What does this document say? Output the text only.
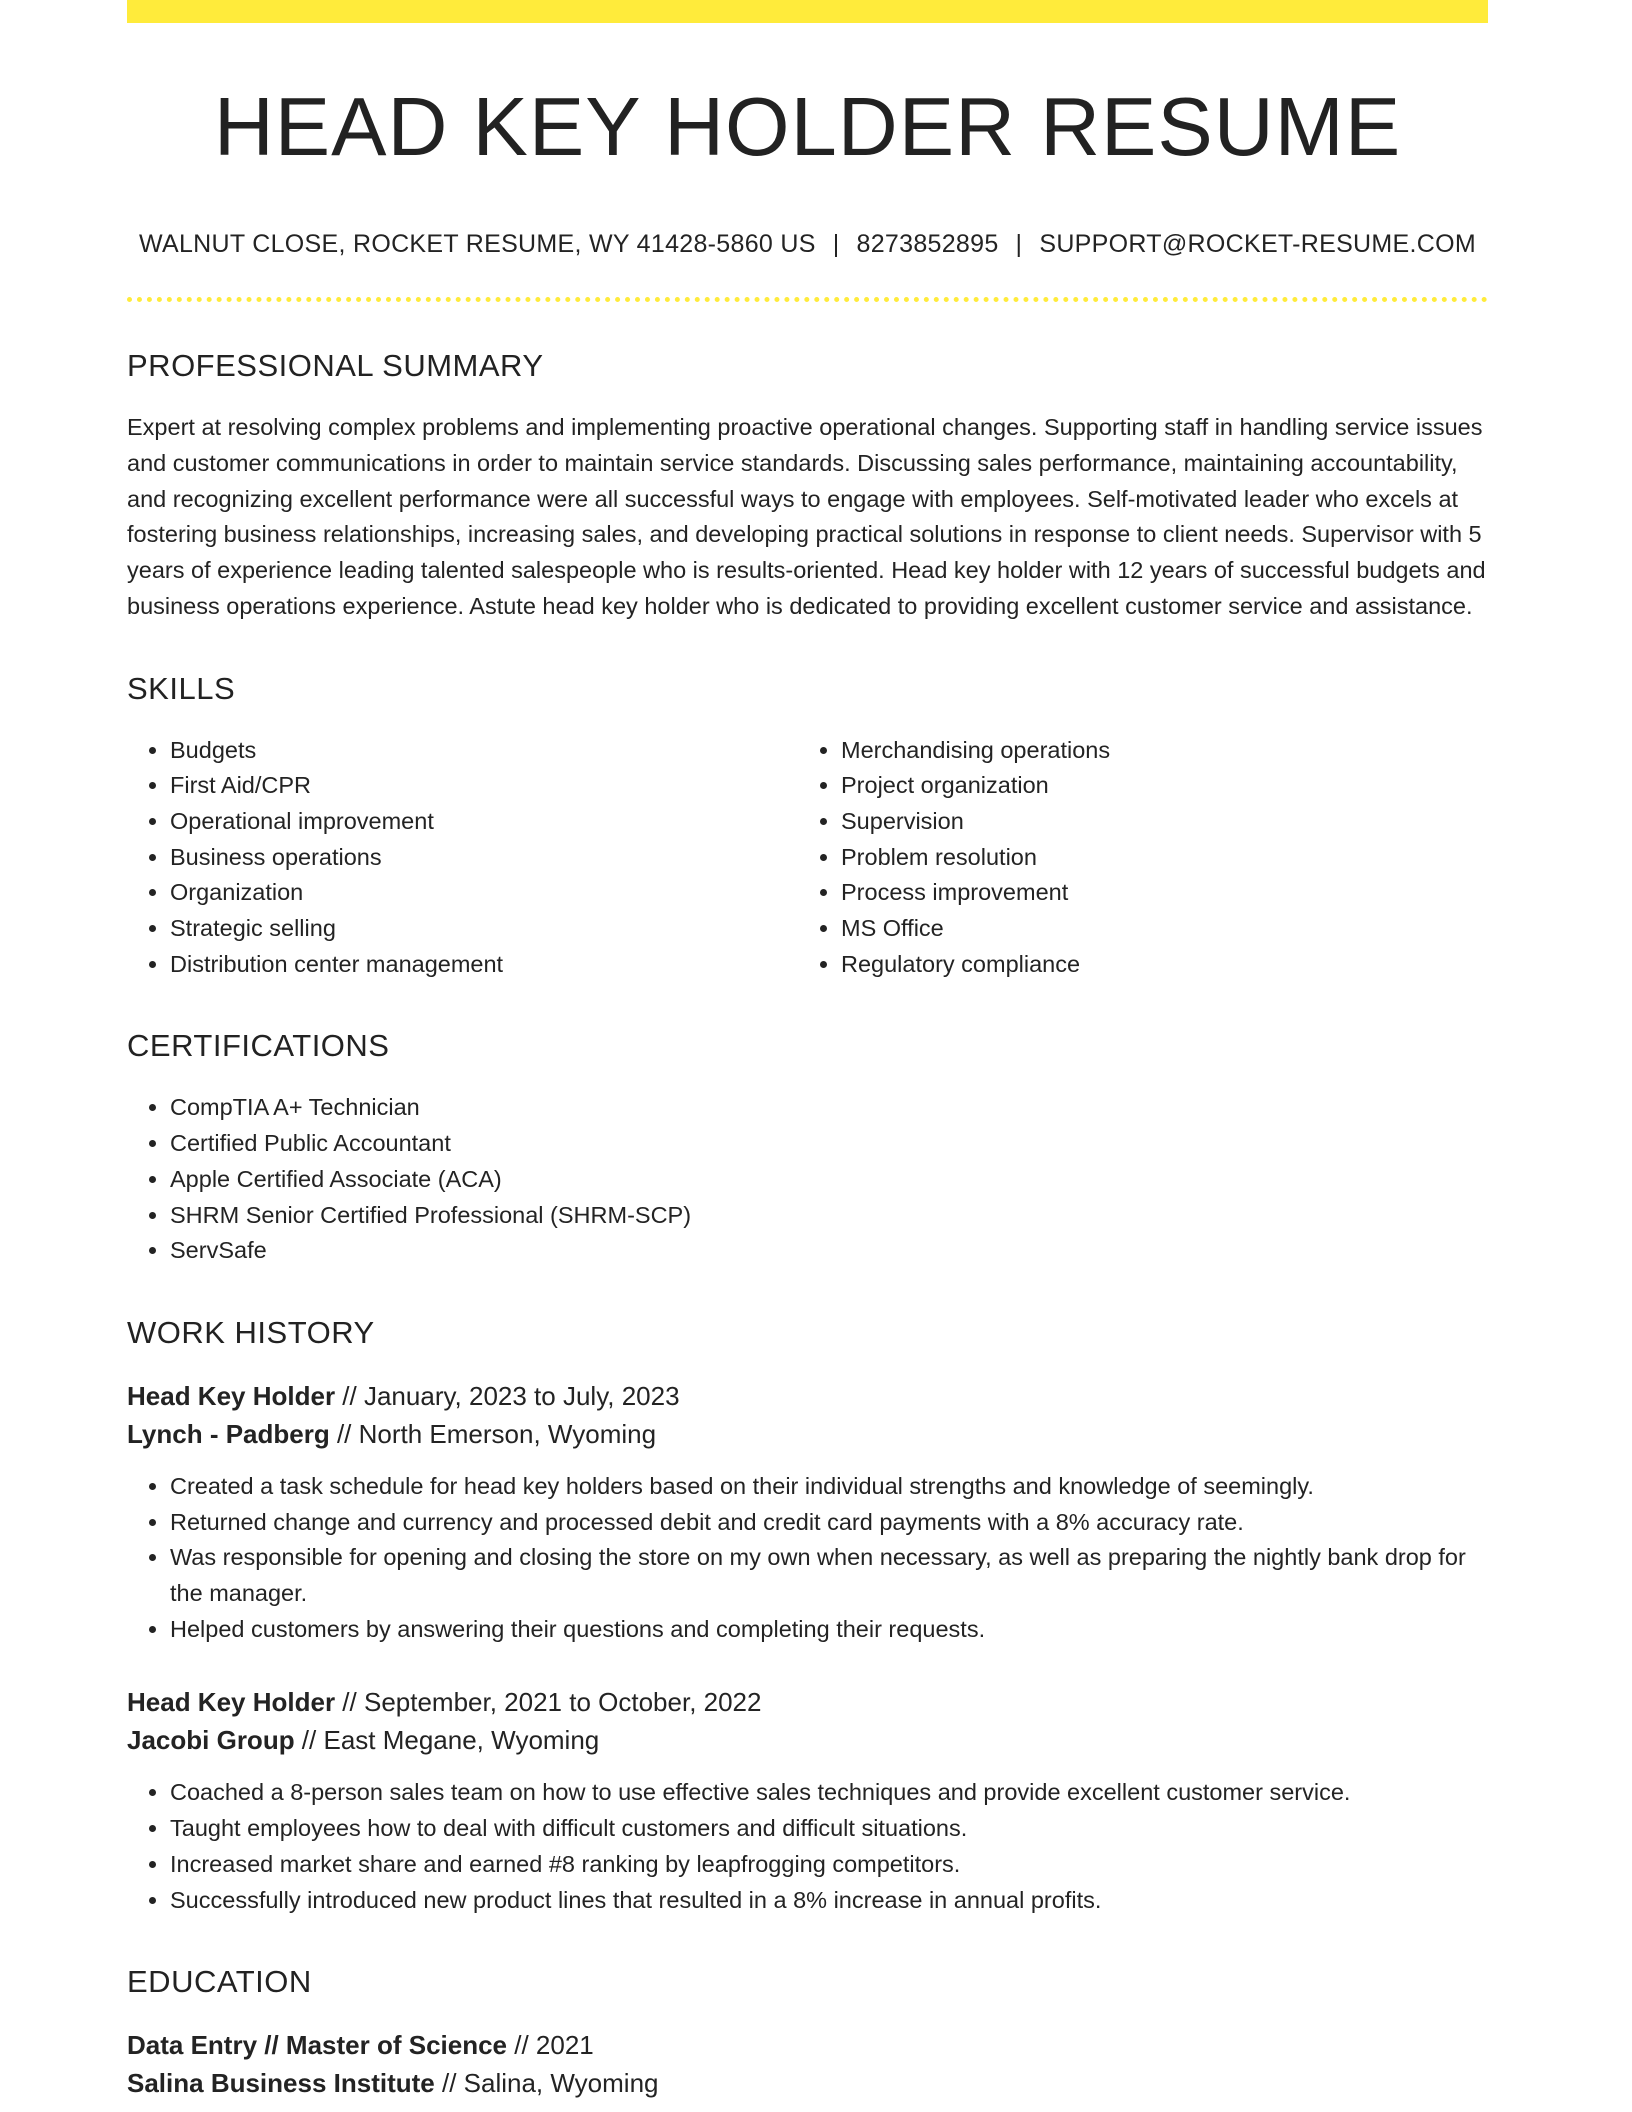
HEAD KEY HOLDER RESUME
WALNUT CLOSE, ROCKET RESUME, WY 41428-5860 US | 8273852895 | SUPPORT@ROCKET-RESUME.COM
PROFESSIONAL SUMMARY

Expert at resolving complex problems and implementing proactive operational changes. Supporting staff in handling service issues and customer communications in order to maintain service standards. Discussing sales performance, maintaining accountability, and recognizing excellent performance were all successful ways to engage with employees. Self-motivated leader who excels at fostering business relationships, increasing sales, and developing practical solutions in response to client needs. Supervisor with 5 years of experience leading talented salespeople who is results-oriented. Head key holder with 12 years of successful budgets and business operations experience. Astute head key holder who is dedicated to providing excellent customer service and assistance.

SKILLS
• Budgets
• First Aid/CPR
• Operational improvement
• Business operations
• Organization
• Strategic selling
• Distribution center management
• Merchandising operations
• Project organization
• Supervision
• Problem resolution
• Process improvement
• MS Office
• Regulatory compliance
CERTIFICATIONS
• CompTIA A+ Technician
• Certified Public Accountant
• Apple Certified Associate (ACA)
• SHRM Senior Certified Professional (SHRM-SCP)
• ServSafe
WORK HISTORY
Head Key Holder // January, 2023 to July, 2023
Lynch - Padberg // North Emerson, Wyoming
• Created a task schedule for head key holders based on their individual strengths and knowledge of seemingly.
• Returned change and currency and processed debit and credit card payments with a 8% accuracy rate.
• Was responsible for opening and closing the store on my own when necessary, as well as preparing the nightly bank drop for the manager.
• Helped customers by answering their questions and completing their requests.
Head Key Holder // September, 2021 to October, 2022
Jacobi Group // East Megane, Wyoming
• Coached a 8-person sales team on how to use effective sales techniques and provide excellent customer service.
• Taught employees how to deal with difficult customers and difficult situations.
• Increased market share and earned #8 ranking by leapfrogging competitors.
• Successfully introduced new product lines that resulted in a 8% increase in annual profits.
EDUCATION
Data Entry // Master of Science // 2021
Salina Business Institute // Salina, Wyoming
